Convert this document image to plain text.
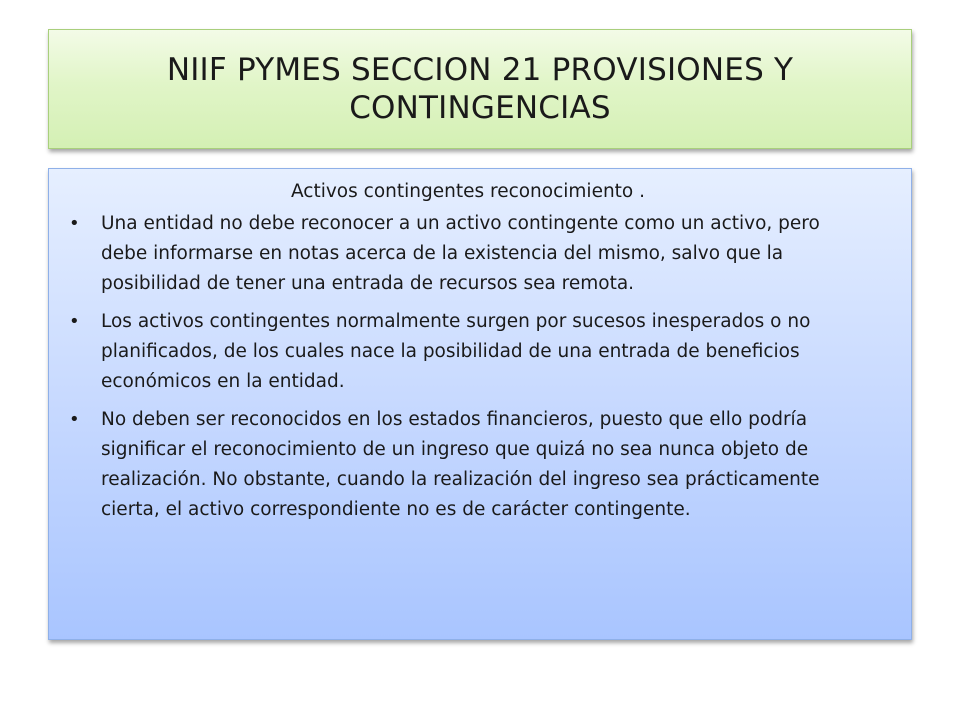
NIIF PYMES SECCION 21 PROVISIONES Y
CONTINGENCIAS
Activos contingentes reconocimiento .
• Una entidad no debe reconocer a un activo contingente como un activo, pero debe informarse en notas acerca de la existencia del mismo, salvo que la posibilidad de tener una entrada de recursos sea remota.
• Los activos contingentes normalmente surgen por sucesos inesperados o no planificados, de los cuales nace la posibilidad de una entrada de beneficios económicos en la entidad.
• No deben ser reconocidos en los estados financieros, puesto que ello podría significar el reconocimiento de un ingreso que quizá no sea nunca objeto de realización. No obstante, cuando la realización del ingreso sea prácticamente cierta, el activo correspondiente no es de carácter contingente.
